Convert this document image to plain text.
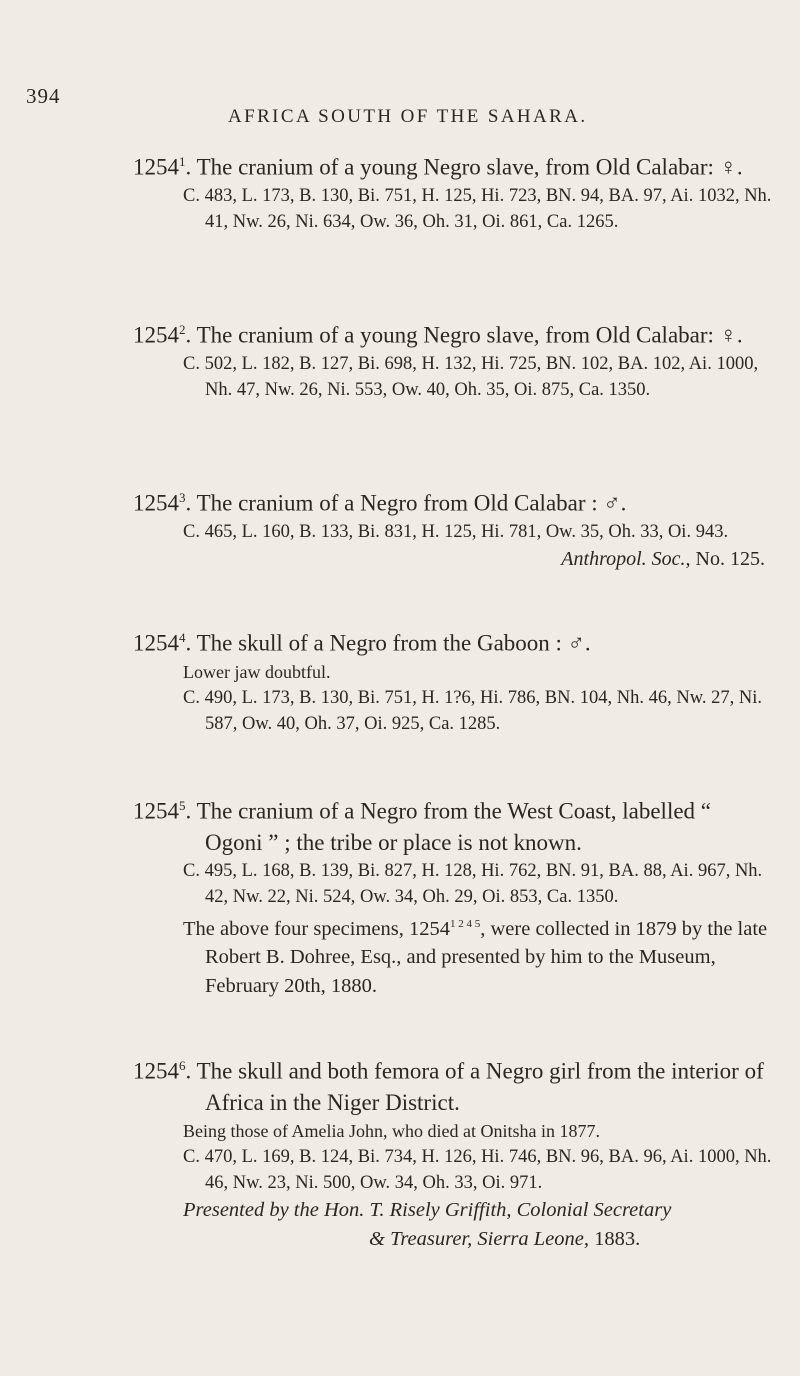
394
AFRICA SOUTH OF THE SAHARA.
1254$^1$. The cranium of a young Negro slave, from Old Calabar: ♀.
C. 483, L. 173, B. 130, Bi. 751, H. 125, Hi. 723, BN. 94, BA. 97, Ai. 1032, Nh. 41, Nw. 26, Ni. 634, Ow. 36, Oh. 31, Oi. 861, Ca. 1265.
1254$^2$. The cranium of a young Negro slave, from Old Calabar: ♀.
C. 502, L. 182, B. 127, Bi. 698, H. 132, Hi. 725, BN. 102, BA. 102, Ai. 1000, Nh. 47, Nw. 26, Ni. 553, Ow. 40, Oh. 35, Oi. 875, Ca. 1350.
1254$^3$. The cranium of a Negro from Old Calabar : ♂.
C. 465, L. 160, B. 133, Bi. 831, H. 125, Hi. 781, Ow. 35, Oh. 33, Oi. 943.
Anthropol. Soc., No. 125.
1254$^4$. The skull of a Negro from the Gaboon : ♂.
Lower jaw doubtful.
C. 490, L. 173, B. 130, Bi. 751, H. 1?6, Hi. 786, BN. 104, Nh. 46, Nw. 27, Ni. 587, Ow. 40, Oh. 37, Oi. 925, Ca. 1285.
1254$^5$. The cranium of a Negro from the West Coast, labelled “ Ogoni ” ; the tribe or place is not known.
C. 495, L. 168, B. 139, Bi. 827, H. 128, Hi. 762, BN. 91, BA. 88, Ai. 967, Nh. 42, Nw. 22, Ni. 524, Ow. 34, Oh. 29, Oi. 853, Ca. 1350.
The above four specimens, $1254^{1 2 4 5}$, were collected in 1879 by the late Robert B. Dohree, Esq., and presented by him to the Museum, February 20th, 1880.
1254$^6$. The skull and both femora of a Negro girl from the interior of Africa in the Niger District.
Being those of Amelia John, who died at Onitsha in 1877.
C. 470, L. 169, B. 124, Bi. 734, H. 126, Hi. 746, BN. 96, BA. 96, Ai. 1000, Nh. 46, Nw. 23, Ni. 500, Ow. 34, Oh. 33, Oi. 971.
Presented by the Hon. T. Risely Griffith, Colonial Secretary
& Treasurer, Sierra Leone, 1883.
